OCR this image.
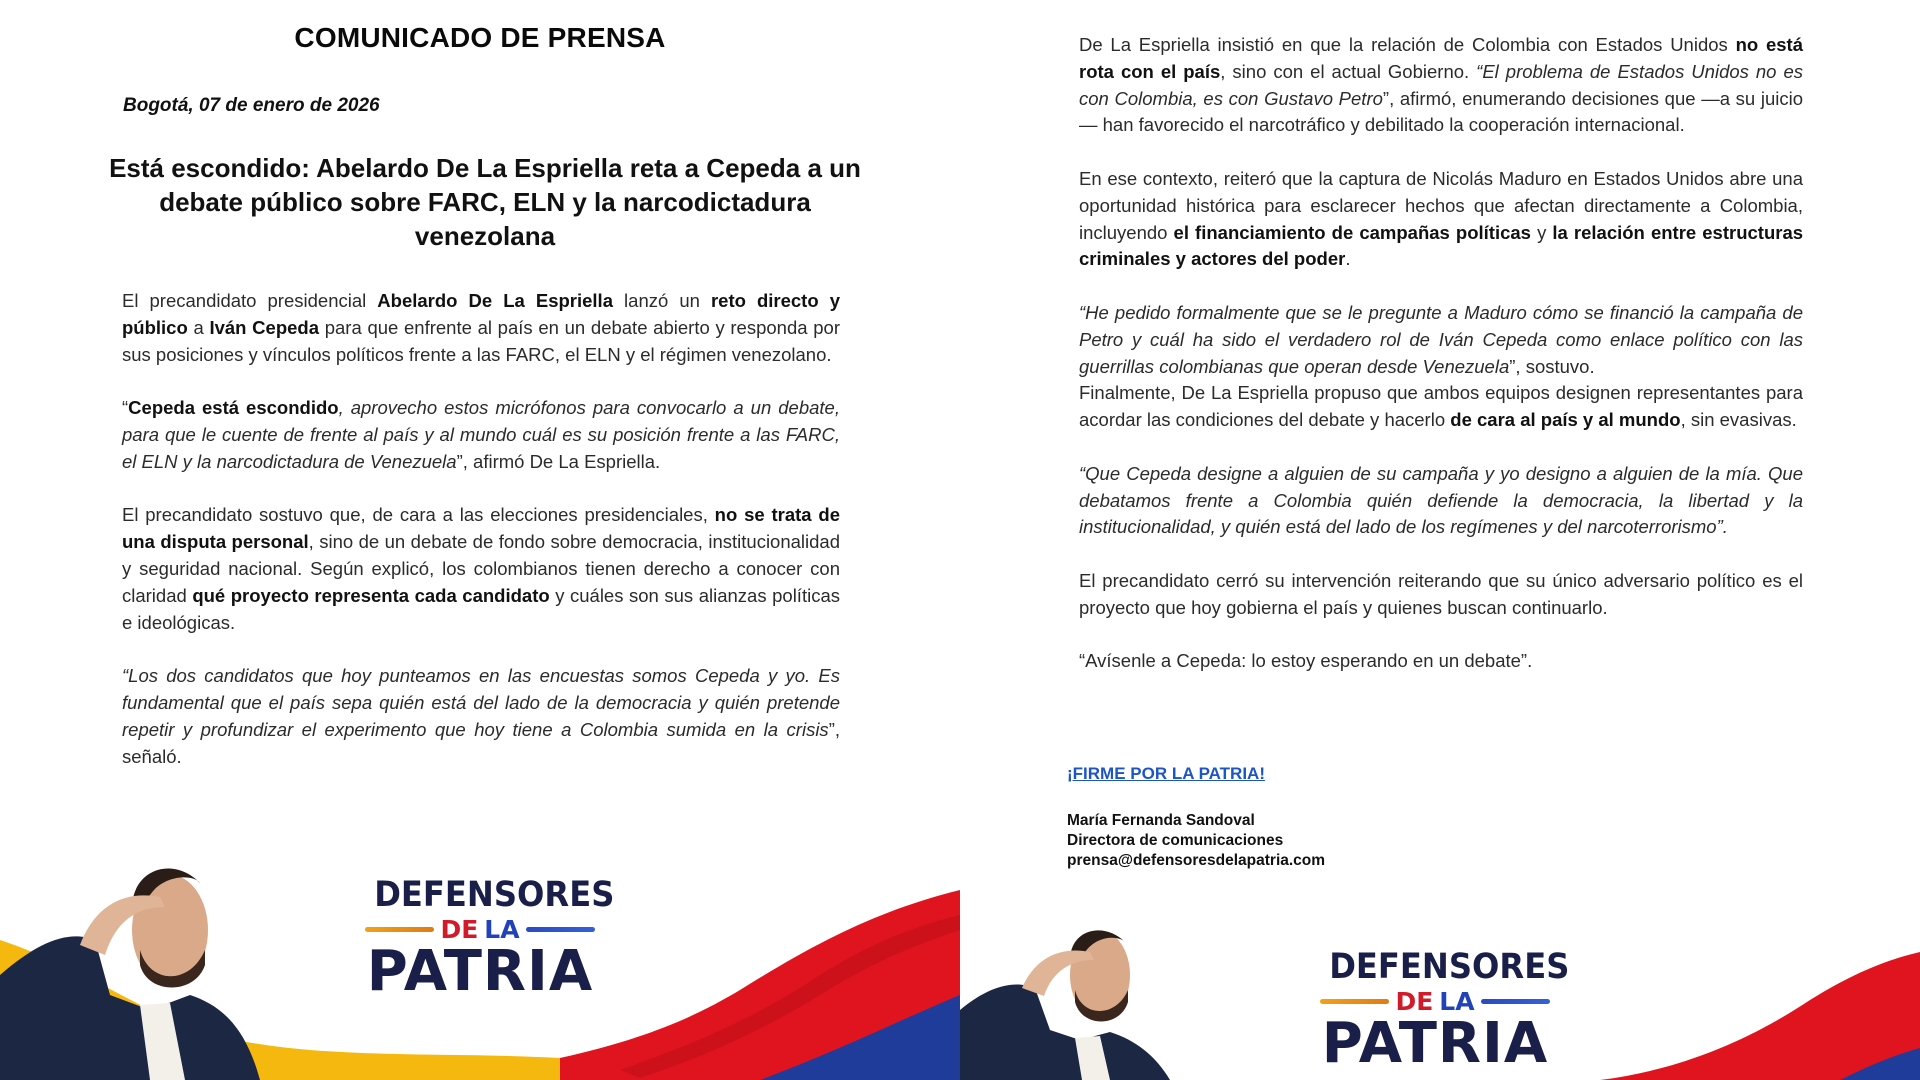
COMUNICADO DE PRENSA
Bogotá, 07 de enero de 2026
Está escondido: Abelardo De La Espriella reta a Cepeda a un debate público sobre FARC, ELN y la narcodictadura venezolana

El precandidato presidencial Abelardo De La Espriella lanzó un reto directo y público a Iván Cepeda para que enfrente al país en un debate abierto y responda por sus posiciones y vínculos políticos frente a las FARC, el ELN y el régimen venezolano.

“Cepeda está escondido, aprovecho estos micrófonos para convocarlo a un debate, para que le cuente de frente al país y al mundo cuál es su posición frente a las FARC, el ELN y la narcodictadura de Venezuela”, afirmó De La Espriella.

El precandidato sostuvo que, de cara a las elecciones presidenciales, no se trata de una disputa personal, sino de un debate de fondo sobre democracia, institucionalidad y seguridad nacional. Según explicó, los colombianos tienen derecho a conocer con claridad qué proyecto representa cada candidato y cuáles son sus alianzas políticas e ideológicas.

“Los dos candidatos que hoy punteamos en las encuestas somos Cepeda y yo. Es fundamental que el país sepa quién está del lado de la democracia y quién pretende repetir y profundizar el experimento que hoy tiene a Colombia sumida en la crisis”, señaló.

DEFENSORES
DE LA
PATRIA

De La Espriella insistió en que la relación de Colombia con Estados Unidos no está rota con el país, sino con el actual Gobierno. “El problema de Estados Unidos no es con Colombia, es con Gustavo Petro”, afirmó, enumerando decisiones que —a su juicio— han favorecido el narcotráfico y debilitado la cooperación internacional.

En ese contexto, reiteró que la captura de Nicolás Maduro en Estados Unidos abre una oportunidad histórica para esclarecer hechos que afectan directamente a Colombia, incluyendo el financiamiento de campañas políticas y la relación entre estructuras criminales y actores del poder.

“He pedido formalmente que se le pregunte a Maduro cómo se financió la campaña de Petro y cuál ha sido el verdadero rol de Iván Cepeda como enlace político con las guerrillas colombianas que operan desde Venezuela”, sostuvo.

Finalmente, De La Espriella propuso que ambos equipos designen representantes para acordar las condiciones del debate y hacerlo de cara al país y al mundo, sin evasivas.

“Que Cepeda designe a alguien de su campaña y yo designo a alguien de la mía. Que debatamos frente a Colombia quién defiende la democracia, la libertad y la institucionalidad, y quién está del lado de los regímenes y del narcoterrorismo”.

El precandidato cerró su intervención reiterando que su único adversario político es el proyecto que hoy gobierna el país y quienes buscan continuarlo.

“Avísenle a Cepeda: lo estoy esperando en un debate”.

¡FIRME POR LA PATRIA!
María Fernanda Sandoval
Directora de comunicaciones
prensa@defensoresdelapatria.com
DEFENSORES
DE LA
PATRIA
